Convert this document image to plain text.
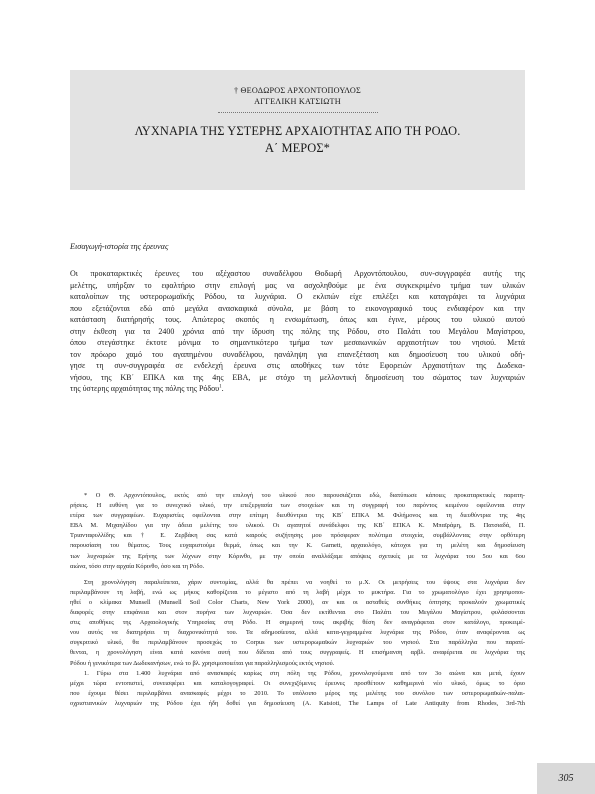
† ΘΕΟΔΩΡΟΣ ΑΡΧΟΝΤΟΠΟΥΛΟΣ
ΑΓΓΕΛΙΚΗ ΚΑΤΣΙΩΤΗ
ΛΥΧΝΑΡΙΑ ΤΗΣ ΥΣΤΕΡΗΣ ΑΡΧΑΙΟΤΗΤΑΣ ΑΠΟ ΤΗ ΡΟΔΟ.
Α΄ ΜΕΡΟΣ*
Εισαγωγή-ιστορία της έρευνας
Οι προκαταρκτικές έρευνες του αξέχαστου συναδέλφου Θοδωρή Αρχοντόπουλου, συν-συγγραφέα αυτής της
μελέτης, υπήρξαν το εφαλτήριο στην επιλογή μας να ασχοληθούμε με ένα συγκεκριμένο τμήμα των υλικών
καταλοίπων της υστερορωμαϊκής Ρόδου, τα λυχνάρια. Ο εκλιπών είχε επιλέξει και καταγράψει τα λυχνάρια
που εξετάζονται εδώ από μεγάλα ανασκαφικά σύνολα, με βάση το εικονογραφικό τους ενδιαφέρον και την
κατάσταση διατήρησής τους. Απώτερος σκοπός η ενσωμάτωση, όπως και έγινε, μέρους του υλικού αυτού
στην έκθεση για τα 2400 χρόνια από την ίδρυση της πόλης της Ρόδου, στο Παλάτι του Μεγάλου Μαγίστρου,
όπου στεγάστηκε έκτοτε μόνιμα το σημαντικότερο τμήμα των μεσαιωνικών αρχαιοτήτων του νησιού. Μετά
τον πρόωρο χαμό του αγαπημένου συναδέλφου, ηανάληψη για επανεξέταση και δημοσίευση του υλικού οδή-
γησε τη συν-συγγραφέα σε ενδελεχή έρευνα στις αποθήκες των τότε Εφορειών Αρχαιοτήτων της Δωδεκα-
νήσου, της ΚΒ΄ ΕΠΚΑ και της 4ης ΕΒΑ, με στόχο τη μελλοντική δημοσίευση του σώματος των λυχναριών
της ύστερης αρχαιότητας της πόλης της Ρόδου$^1$.
* Ο Θ. Αρχοντόπουλος, εκτός από την επιλογή του υλικού που παρουσιάζεται εδώ, διατύπωσε κάποιες προκαταρκτικές παρατη-
ρήσεις. Η ευθύνη για το συνεχτικό υλικό, την επεξεργασία των στοιχείων και τη συγγραφή του παρόντος κειμένου οφείλονται στην
ετέρα των συγγραφέων. Ευχαριστίες οφείλονται στην επίτιμη διευθύντρια της ΚΒ΄ ΕΠΚΑ Μ. Φιλήμονος και τη διευθύντρια της 4ης
ΕΒΑ Μ. Μιχαηλίδου για την άδεια μελέτης του υλικού. Οι αγαπητοί συνάδελφοι της ΚΒ΄ ΕΠΚΑ Κ. Μπαϊράμη, Β. Πατσιαδά, Π.
Τριανταφυλλίδης και † Ε. Ζερβάκη σας κατά καιρούς συζήτησης μου πρόσφεραν πολύτιμα στοιχεία, συμβάλλοντας στην ορθότερη
παρουσίαση του θέματος. Τους ευχαριστούμε θερμά, όπως και την K. Garnett, αρχαιολόγο, κάτοχοι για τη μελέτη και δημοσίευση
των λυχναριών της Ερήνης των λύχνων στην Κόρινθο, με την οποία αναλλάξαμε απόψεις σχετικές με τα λυχνάρια του 5ου και 6ου
αιώνα, τόσο στην αρχαία Κόρινθο, όσο και τη Ρόδο.
Στη χρονολόγηση παραλείπεται, χάριν συντομίας, αλλά θα πρέπει να νοηθεί το μ.Χ. Οι μετρήσεις του ύψους στα λυχνάρια δεν
περιλαμβάνουν τη λαβή, ενώ ως μήκος καθορίζεται το μέγιστο από τη λαβή μέχρι το μυκτήρα. Για το χρωματολόγιο έχει χρησιμοποι-
ηθεί ο κλίμακα Munsell (Munsell Soil Color Charts, New York 2000), αν και οι ασταθείς συνθήκες όπτησης προκαλούν χρωματικές
διαφορές στην επιφάνεια και στον πυρήνα των λυχναριών. Όσα δεν εκτίθενται στο Παλάτι του Μεγάλου Μαγίστρου, φυλάσσονται
στις αποθήκες της Αρχαιολογικής Υπηρεσίας στη Ρόδο. Η σημερινή τους ακριβής θέση δεν αναγράφεται στον κατάλογο, προκειμέ-
νου αυτός να διατηρήσει τη διαχρονικότητά του. Τα αδημοσίευτα, αλλά κατα-γεγραμμένα λυχνάρια της Ρόδου, όταν αναφέρονται ως
συγκριτικό υλικό, θα περιλαμβάνουν προσεχώς το Corpus των υστερορωμαϊκών λυχναριών του νησιού. Στα παράλληλα που παρατί-
θενται, η χρονολόγηση είναι κατά κανόνα αυτή που δίδεται από τους συγγραφείς. Η επισήμανση αρβλ. αναφέρεται σε λυχνάρια της
Ρόδου ή γενικότερα των Δωδεκανήσων, ενώ το βλ. χρησιμοποιείται για παραλληλισμούς εκτός νησιού.
1. Γύρω στα 1.400 λυχνάρια από ανασκαφές καρίως στη πόλη της Ρόδου, χρονολογούμενα από τον 3ο αιώνα και μετά, έχουν
μέχρι τώρα εντοπιστεί, συνεισφέρει και καταλογογραφεί. Οι συνεχιζόμενες έρευνες προσθέτουν καθημερινά νέο υλικό, όμως το όριο
που έχουμε θέσει περιλαμβάνει ανασκαφές μέχρι το 2010. Το υπόλοιπο μέρος της μελέτης του συνόλου των υστερορωμαϊκών-παλαι-
οχριστιανικών λυχναριών της Ρόδου έχει ήδη δοθεί για δημοσίευση (A. Katsioti, The Lamps of Late Antiquity from Rhodes, 3rd-7th
305
